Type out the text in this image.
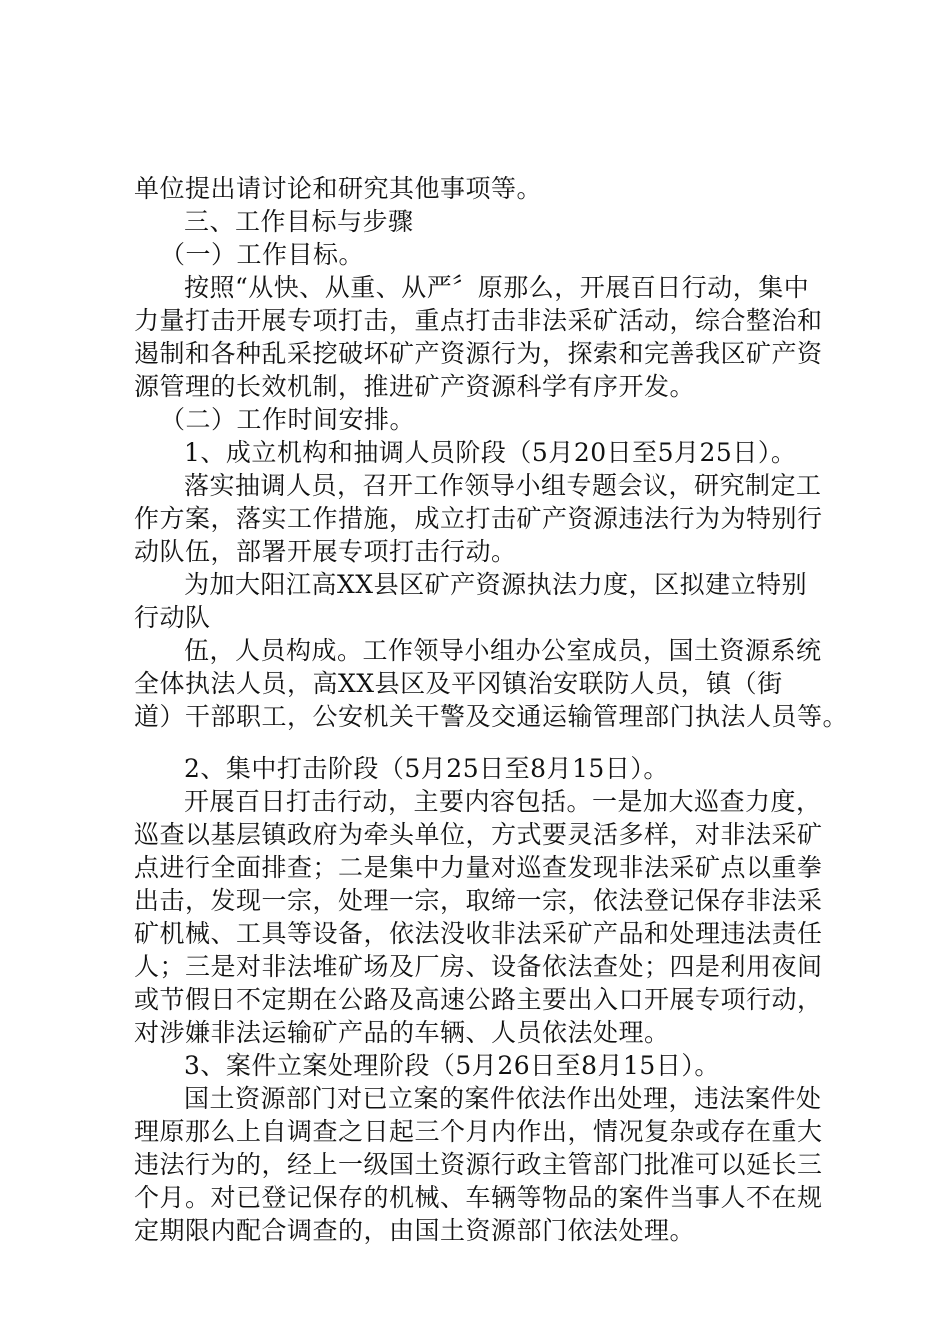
单位提出请讨论和研究其他事项等。
三、工作目标与步骤
（一）工作目标。
按照“从快、从重、从严〞原那么，开展百日行动，集中
力量打击开展专项打击，重点打击非法采矿活动，综合整治和
遏制和各种乱采挖破坏矿产资源行为，探索和完善我区矿产资
源管理的长效机制，推进矿产资源科学有序开发。
（二）工作时间安排。
1、成立机构和抽调人员阶段（5月20日至5月25日）。
落实抽调人员，召开工作领导小组专题会议，研究制定工
作方案，落实工作措施，成立打击矿产资源违法行为为特别行
动队伍，部署开展专项打击行动。
为加大阳江高XX县区矿产资源执法力度，区拟建立特别
行动队
伍，人员构成。工作领导小组办公室成员，国土资源系统
全体执法人员，高XX县区及平冈镇治安联防人员，镇（街
道）干部职工，公安机关干警及交通运输管理部门执法人员等。
2、集中打击阶段（5月25日至8月15日）。
开展百日打击行动，主要内容包括。一是加大巡查力度，
巡查以基层镇政府为牵头单位，方式要灵活多样，对非法采矿
点进行全面排查；二是集中力量对巡查发现非法采矿点以重拳
出击，发现一宗，处理一宗，取缔一宗，依法登记保存非法采
矿机械、工具等设备，依法没收非法采矿产品和处理违法责任
人；三是对非法堆矿场及厂房、设备依法查处；四是利用夜间
或节假日不定期在公路及高速公路主要出入口开展专项行动，
对涉嫌非法运输矿产品的车辆、人员依法处理。
3、案件立案处理阶段（5月26日至8月15日）。
国土资源部门对已立案的案件依法作出处理，违法案件处
理原那么上自调查之日起三个月内作出，情况复杂或存在重大
违法行为的，经上一级国土资源行政主管部门批准可以延长三
个月。对已登记保存的机械、车辆等物品的案件当事人不在规
定期限内配合调查的，由国土资源部门依法处理。
